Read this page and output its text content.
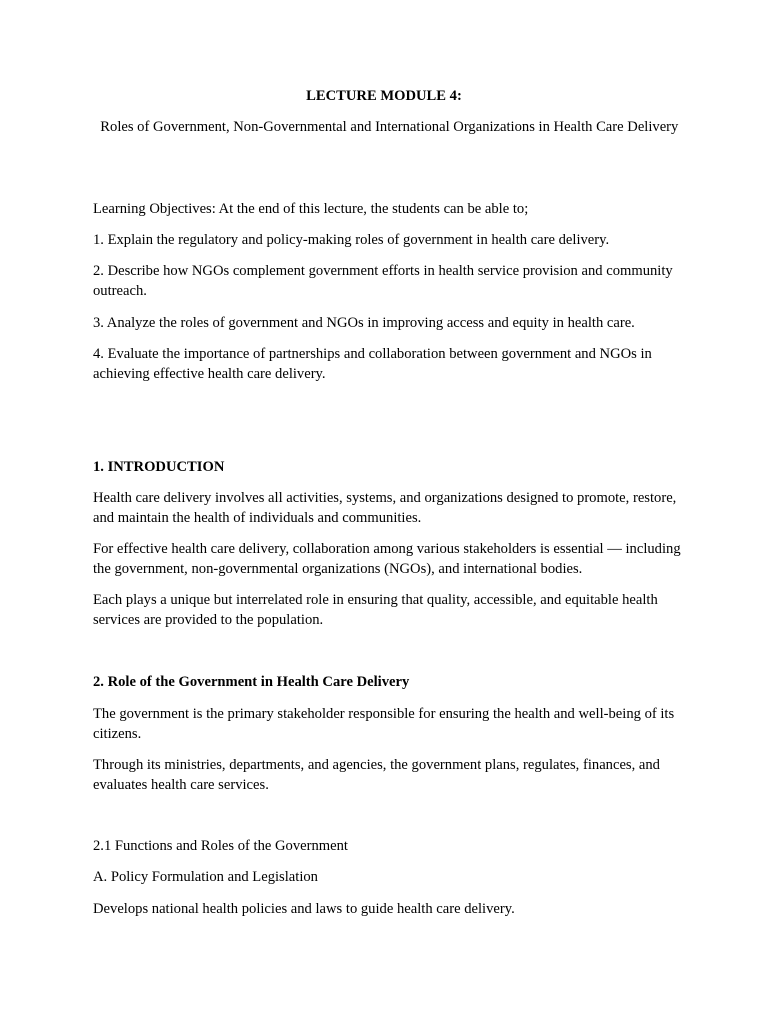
LECTURE MODULE 4:

Roles of Government, Non-Governmental and International Organizations in Health Care Delivery

Learning Objectives: At the end of this lecture, the students can be able to;

1. Explain the regulatory and policy-making roles of government in health care delivery.

2. Describe how NGOs complement government efforts in health service provision and community outreach.

3. Analyze the roles of government and NGOs in improving access and equity in health care.

4. Evaluate the importance of partnerships and collaboration between government and NGOs in achieving effective health care delivery.

1. INTRODUCTION

Health care delivery involves all activities, systems, and organizations designed to promote, restore, and maintain the health of individuals and communities.

For effective health care delivery, collaboration among various stakeholders is essential — including the government, non-governmental organizations (NGOs), and international bodies.

Each plays a unique but interrelated role in ensuring that quality, accessible, and equitable health services are provided to the population.

2. Role of the Government in Health Care Delivery

The government is the primary stakeholder responsible for ensuring the health and well-being of its citizens.

Through its ministries, departments, and agencies, the government plans, regulates, finances, and evaluates health care services.

2.1 Functions and Roles of the Government

A. Policy Formulation and Legislation

Develops national health policies and laws to guide health care delivery.
